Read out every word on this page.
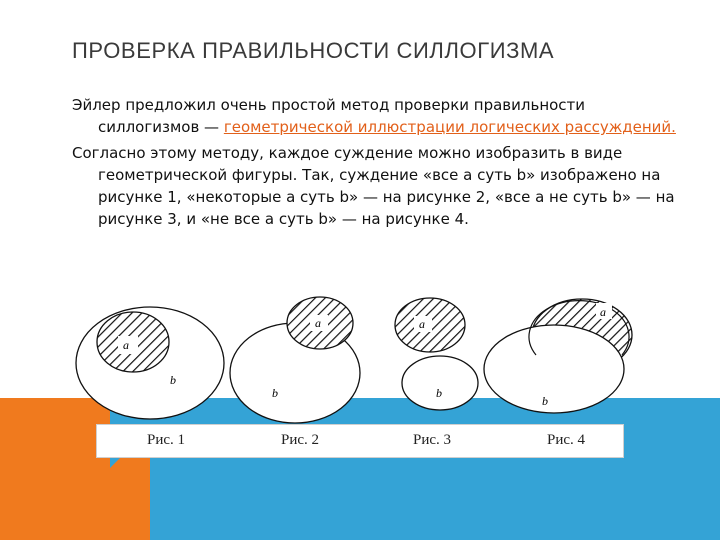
ПРОВЕРКА ПРАВИЛЬНОСТИ СИЛЛОГИЗМА
Эйлер предложил очень простой метод проверки правильности
силлогизмов — геометрической иллюстрации логических рассуждений.
Согласно этому методу, каждое суждение можно изобразить в виде
геометрической фигуры. Так, суждение «все a суть b» изображено на
рисунке 1, «некоторые a суть b» — на рисунке 2, «все a не суть b» — на
рисунке 3, и «не все a суть b» — на рисунке 4.
a
b
a
b
a
b
a
b
Рис. 1	Рис. 2	Рис. 3	Рис. 4
